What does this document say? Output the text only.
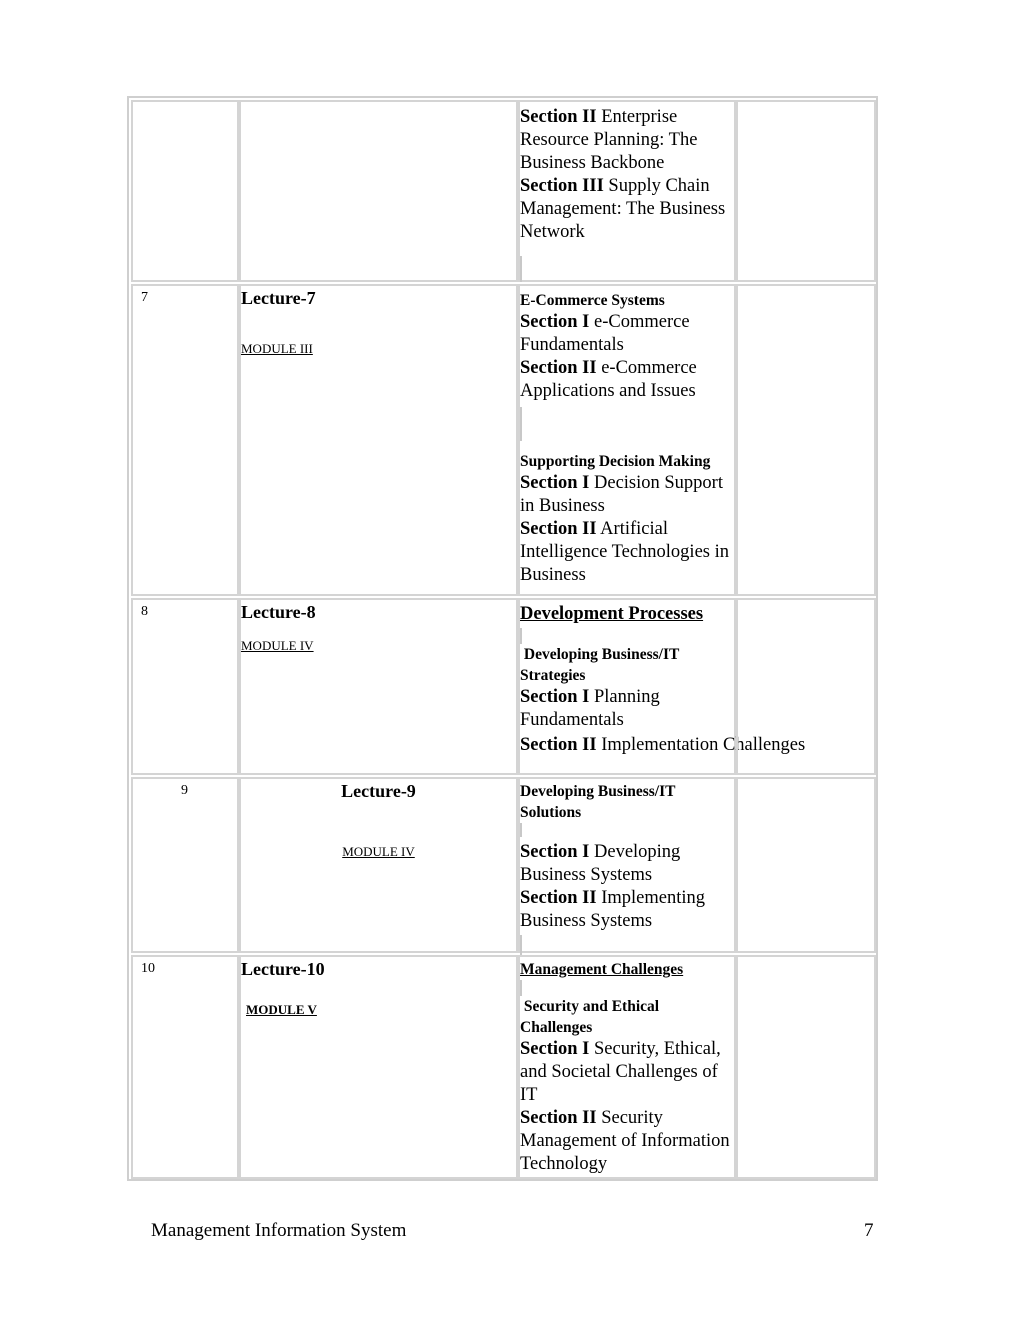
Section II Enterprise Resource Planning: The Business Backbone
Section III Supply Chain Management: The Business Network
7	Lecture-7
MODULE III
E-Commerce Systems
Section I e-Commerce Fundamentals
Section II e-Commerce Applications and Issues
Supporting Decision Making
Section I Decision Support in Business
Section II Artificial Intelligence Technologies in Business
8	Lecture-8
MODULE IV
Development Processes
Developing Business/IT Strategies
Section I Planning Fundamentals
Section II Implementation Challenges
9	Lecture-9
MODULE IV
Developing Business/IT Solutions
Section I Developing Business Systems
Section II Implementing Business Systems
10	Lecture-10
MODULE V
Management Challenges
Security and Ethical Challenges
Section I Security, Ethical, and Societal Challenges of IT
Section II Security Management of Information Technology
Management Information System	7
